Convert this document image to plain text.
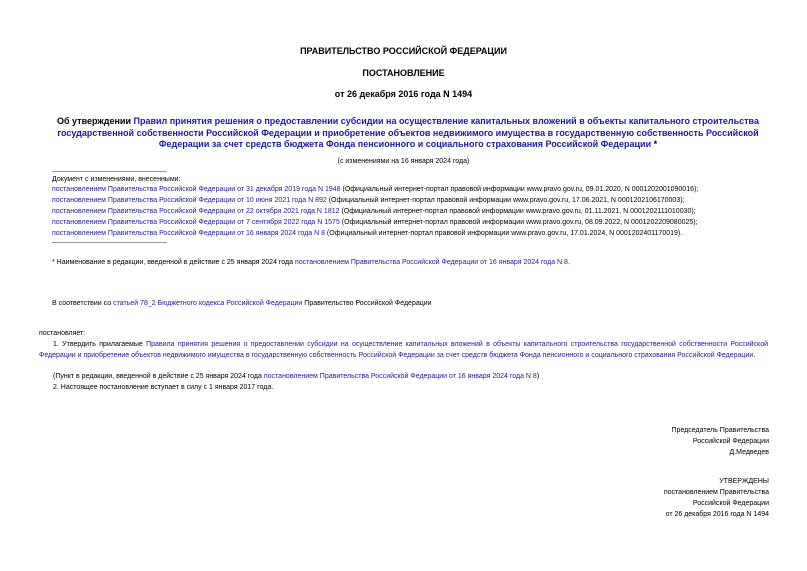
ПРАВИТЕЛЬСТВО РОССИЙСКОЙ ФЕДЕРАЦИИ
ПОСТАНОВЛЕНИЕ
от 26 декабря 2016 года N 1494
Об утверждении Правил принятия решения о предоставлении субсидии на осуществление капитальных вложений в объекты капитального строительства государственной собственности Российской Федерации и приобретение объектов недвижимого имущества в государственную собственность Российской Федерации за счет средств бюджета Фонда пенсионного и социального страхования Российской Федерации *
(с изменениями на 16 января 2024 года)
Документ с изменениями, внесенными:
постановлением Правительства Российской Федерации от 31 декабря 2019 года N 1948 (Официальный интернет-портал правовой информации www.pravo.gov.ru, 09.01.2020, N 0001202001090016);
постановлением Правительства Российской Федерации от 10 июня 2021 года N 892 (Официальный интернет-портал правовой информации www.pravo.gov.ru, 17.06.2021, N 0001202106170003);
постановлением Правительства Российской Федерации от 22 октября 2021 года N 1812 (Официальный интернет-портал правовой информации www.pravo.gov.ru, 01.11.2021, N 0001202111010030);
постановлением Правительства Российской Федерации от 7 сентября 2022 года N 1575 (Официальный интернет-портал правовой информации www.pravo.gov.ru, 08.09.2022, N 0001202209080025);
постановлением Правительства Российской Федерации от 16 января 2024 года N 8 (Официальный интернет-портал правовой информации www.pravo.gov.ru, 17.01.2024, N 0001202401170019).
* Наименование в редакции, введенной в действие с 25 января 2024 года постановлением Правительства Российской Федерации от 16 января 2024 года N 8.
В соответствии со статьей 78_2 Бюджетного кодекса Российской Федерации Правительство Российской Федерации
постановляет:
1. Утвердить прилагаемые Правила принятия решения о предоставлении субсидии на осуществление капитальных вложений в объекты капитального строительства государственной собственности Российской Федерации и приобретение объектов недвижимого имущества в государственную собственность Российской Федерации за счет средств бюджета Фонда пенсионного и социального страхования Российской Федерации.
(Пункт в редакции, введенной в действие с 25 января 2024 года постановлением Правительства Российской Федерации от 16 января 2024 года N 8)
2. Настоящее постановление вступает в силу с 1 января 2017 года.
Председатель Правительства
Российской Федерации
Д.Медведев
УТВЕРЖДЕНЫ
постановлением Правительства
Российской Федерации
от 26 декабря 2016 года N 1494
